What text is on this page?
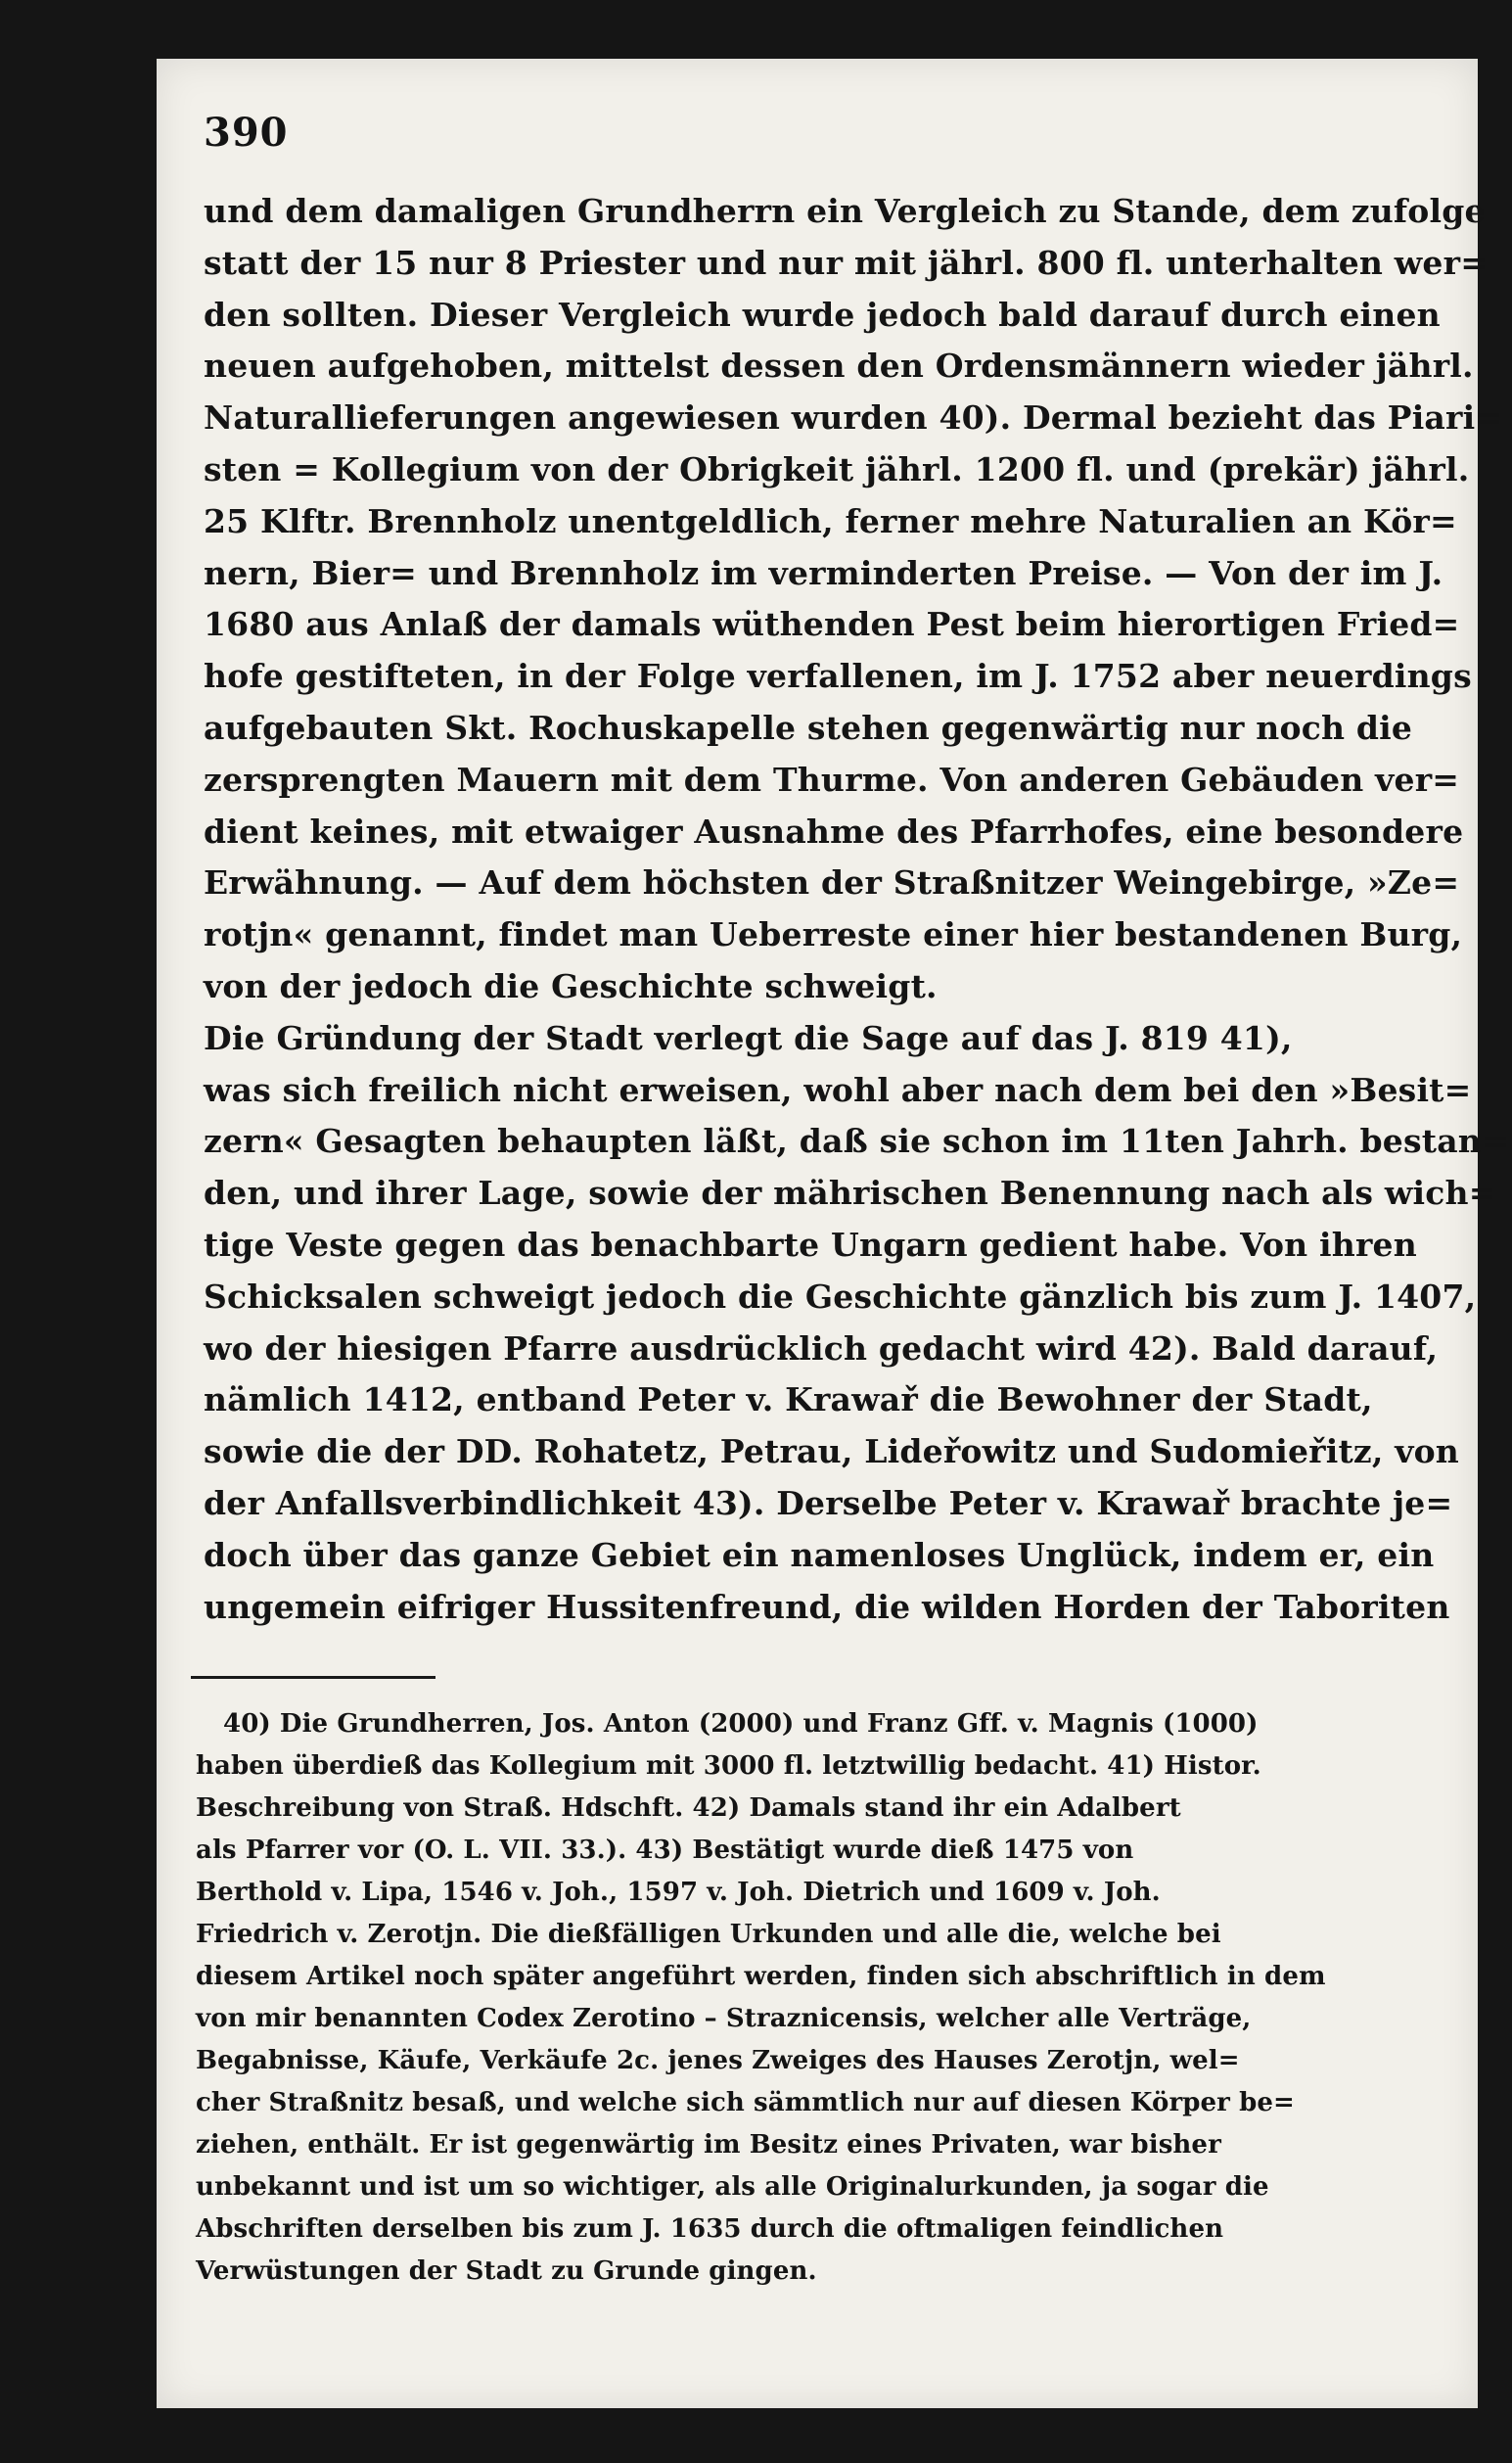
390
und dem damaligen Grundherrn ein Vergleich zu Stande, dem zufolge
statt der 15 nur 8 Priester und nur mit jährl. 800 fl. unterhalten wer=
den sollten. Dieser Vergleich wurde jedoch bald darauf durch einen
neuen aufgehoben, mittelst dessen den Ordensmännern wieder jährl.
Naturallieferungen angewiesen wurden 40). Dermal bezieht das Piari=
sten = Kollegium von der Obrigkeit jährl. 1200 fl. und (prekär) jährl.
25 Klftr. Brennholz unentgeldlich, ferner mehre Naturalien an Kör=
nern, Bier= und Brennholz im verminderten Preise. — Von der im J.
1680 aus Anlaß der damals wüthenden Pest beim hierortigen Fried=
hofe gestifteten, in der Folge verfallenen, im J. 1752 aber neuerdings
aufgebauten Skt. Rochuskapelle stehen gegenwärtig nur noch die
zersprengten Mauern mit dem Thurme. Von anderen Gebäuden ver=
dient keines, mit etwaiger Ausnahme des Pfarrhofes, eine besondere
Erwähnung. — Auf dem höchsten der Straßnitzer Weingebirge, »Ze=
rotjn« genannt, findet man Ueberreste einer hier bestandenen Burg,
von der jedoch die Geschichte schweigt.
Die Gründung der Stadt verlegt die Sage auf das J. 819 41),
was sich freilich nicht erweisen, wohl aber nach dem bei den »Besit=
zern« Gesagten behaupten läßt, daß sie schon im 11ten Jahrh. bestan=
den, und ihrer Lage, sowie der mährischen Benennung nach als wich=
tige Veste gegen das benachbarte Ungarn gedient habe. Von ihren
Schicksalen schweigt jedoch die Geschichte gänzlich bis zum J. 1407,
wo der hiesigen Pfarre ausdrücklich gedacht wird 42). Bald darauf,
nämlich 1412, entband Peter v. Krawař die Bewohner der Stadt,
sowie die der DD. Rohatetz, Petrau, Lideřowitz und Sudomieřitz, von
der Anfallsverbindlichkeit 43). Derselbe Peter v. Krawař brachte je=
doch über das ganze Gebiet ein namenloses Unglück, indem er, ein
ungemein eifriger Hussitenfreund, die wilden Horden der Taboriten
40) Die Grundherren, Jos. Anton (2000) und Franz Gff. v. Magnis (1000)
haben überdieß das Kollegium mit 3000 fl. letztwillig bedacht. 41) Histor.
Beschreibung von Straß. Hdschft. 42) Damals stand ihr ein Adalbert
als Pfarrer vor (O. L. VII. 33.). 43) Bestätigt wurde dieß 1475 von
Berthold v. Lipa, 1546 v. Joh., 1597 v. Joh. Dietrich und 1609 v. Joh.
Friedrich v. Zerotjn. Die dießfälligen Urkunden und alle die, welche bei
diesem Artikel noch später angeführt werden, finden sich abschriftlich in dem
von mir benannten Codex Zerotino – Straznicensis, welcher alle Verträge,
Begabnisse, Käufe, Verkäufe 2c. jenes Zweiges des Hauses Zerotjn, wel=
cher Straßnitz besaß, und welche sich sämmtlich nur auf diesen Körper be=
ziehen, enthält. Er ist gegenwärtig im Besitz eines Privaten, war bisher
unbekannt und ist um so wichtiger, als alle Originalurkunden, ja sogar die
Abschriften derselben bis zum J. 1635 durch die oftmaligen feindlichen
Verwüstungen der Stadt zu Grunde gingen.
